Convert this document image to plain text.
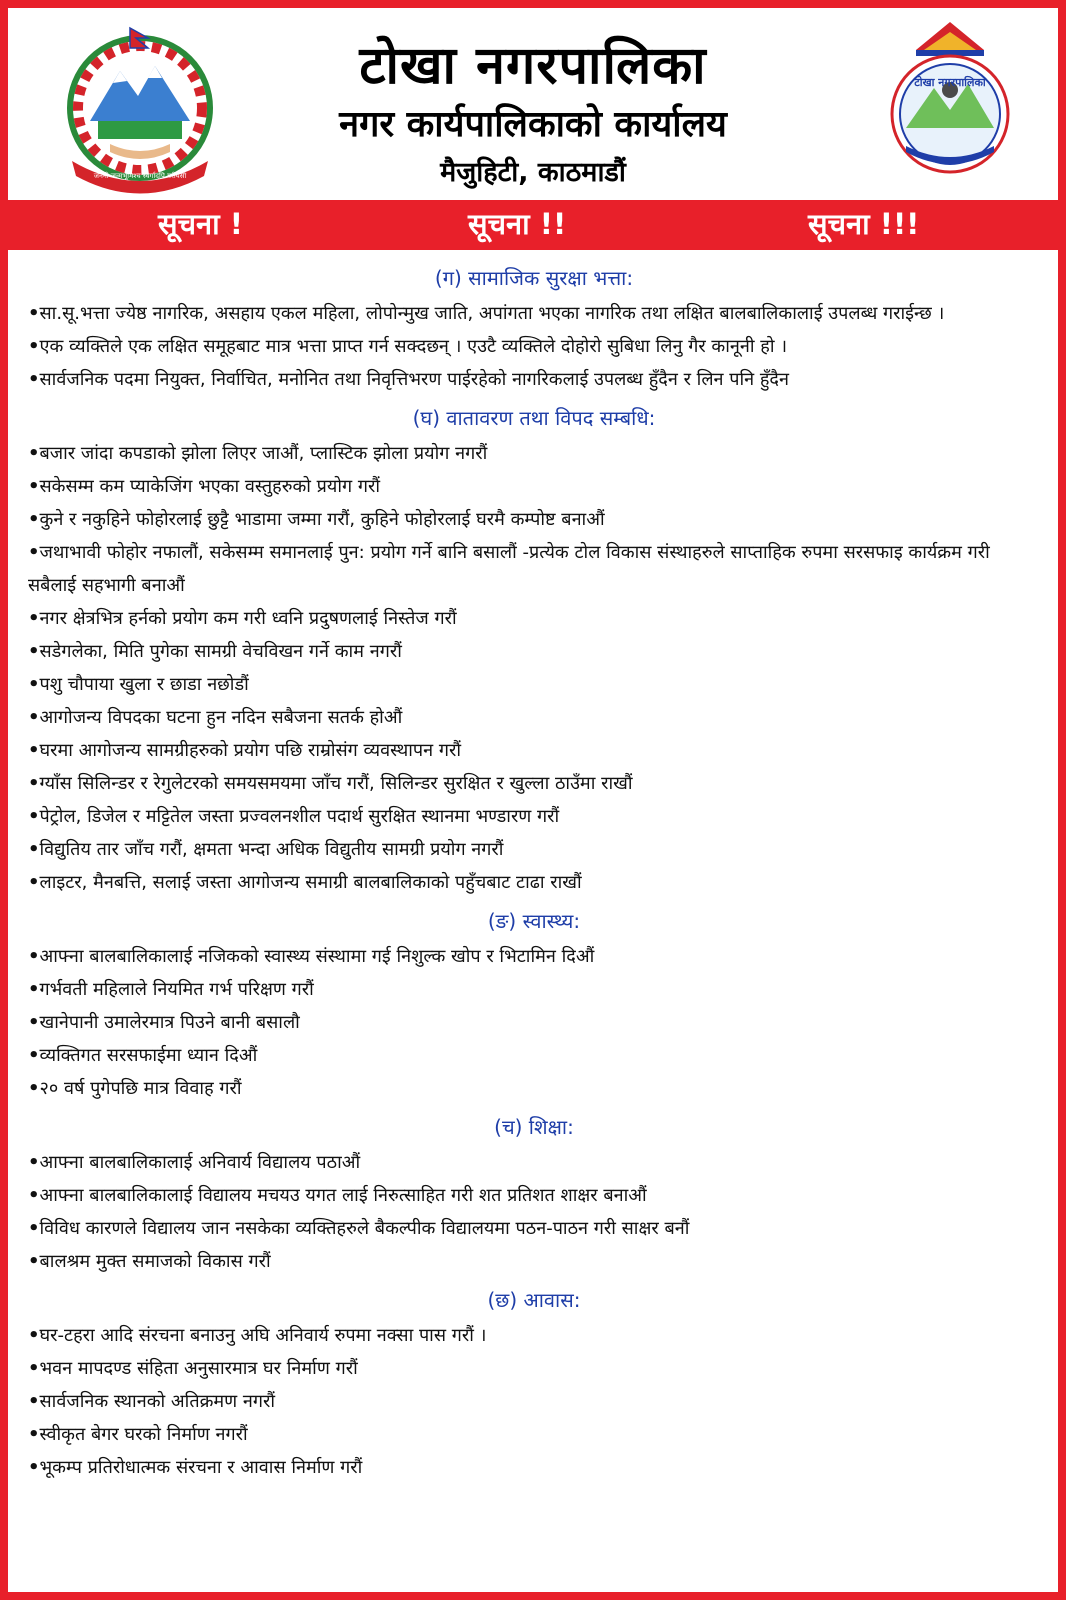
जननी जन्मभूमिश्च स्वर्गादपि गरीयसी
टोखा नगरपालिका
नगर कार्यपालिकाको कार्यालय
मैजुहिटी, काठमाडौं
टोखा नगरपालिका
सूचना !	सूचना !!	सूचना !!!
(ग) सामाजिक सुरक्षा भत्ता:

•सा.सू.भत्ता ज्येष्ठ नागरिक, असहाय एकल महिला, लोपोन्मुख जाति, अपांगता भएका नागरिक तथा लक्षित बालबालिकालाई उपलब्ध गराईन्छ ।

•एक व्यक्तिले एक लक्षित समूहबाट मात्र भत्ता प्राप्त गर्न सक्दछन् । एउटै व्यक्तिले दोहोरो सुबिधा लिनु गैर कानूनी हो ।

•सार्वजनिक पदमा नियुक्त, निर्वाचित, मनोनित तथा निवृत्तिभरण पाईरहेको नागरिकलाई उपलब्ध हुँदैन र लिन पनि हुँदैन

(घ) वातावरण तथा विपद सम्बधि:

•बजार जांदा कपडाको झोला लिएर जाऔं, प्लास्टिक झोला प्रयोग नगरौं

•सकेसम्म कम प्याकेजिंग भएका वस्तुहरुको प्रयोग गरौं

•कुने र नकुहिने फोहोरलाई छुट्टै भाडामा जम्मा गरौं, कुहिने फोहोरलाई घरमै कम्पोष्ट बनाऔं

•जथाभावी फोहोर नफालौं, सकेसम्म समानलाई पुन: प्रयोग गर्ने बानि बसालौं -प्रत्येक टोल विकास संस्थाहरुले साप्ताहिक रुपमा सरसफाइ कार्यक्रम गरी सबैलाई सहभागी बनाऔं

•नगर क्षेत्रभित्र हर्नको प्रयोग कम गरी ध्वनि प्रदुषणलाई निस्तेज गरौं

•सडेगलेका, मिति पुगेका सामग्री वेचविखन गर्ने काम नगरौं

•पशु चौपाया खुला र छाडा नछोडौं

•आगोजन्य विपदका घटना हुन नदिन सबैजना सतर्क होऔं

•घरमा आगोजन्य सामग्रीहरुको प्रयोग पछि राम्रोसंग व्यवस्थापन गरौं

•ग्याँस सिलिन्डर र रेगुलेटरको समयसमयमा जाँच गरौं, सिलिन्डर सुरक्षित र खुल्ला ठाउँमा राखौं

•पेट्रोल, डिजेल र मट्टितेल जस्ता प्रज्वलनशील पदार्थ सुरक्षित स्थानमा भण्डारण गरौं

•विद्युतिय तार जाँच गरौं, क्षमता भन्दा अधिक विद्युतीय सामग्री प्रयोग नगरौं

•लाइटर, मैनबत्ति, सलाई जस्ता आगोजन्य समाग्री बालबालिकाको पहुँचबाट टाढा राखौं

(ङ) स्वास्थ्य:

•आफ्ना बालबालिकालाई नजिकको स्वास्थ्य संस्थामा गई निशुल्क खोप र भिटामिन दिऔं

•गर्भवती महिलाले नियमित गर्भ परिक्षण गरौं

•खानेपानी उमालेरमात्र पिउने बानी बसालौ

•व्यक्तिगत सरसफाईमा ध्यान दिऔं

•२० वर्ष पुगेपछि मात्र विवाह गरौं

(च) शिक्षा:

•आफ्ना बालबालिकालाई अनिवार्य विद्यालय पठाऔं

•आफ्ना बालबालिकालाई विद्यालय मचयउ यगत लाई निरुत्साहित गरी शत प्रतिशत शाक्षर बनाऔं

•विविध कारणले विद्यालय जान नसकेका व्यक्तिहरुले बैकल्पीक विद्यालयमा पठन-पाठन गरी साक्षर बनौं

•बालश्रम मुक्त समाजको विकास गरौं

(छ) आवास:

•घर-टहरा आदि संरचना बनाउनु अघि अनिवार्य रुपमा नक्सा पास गरौं ।

•भवन मापदण्ड संहिता अनुसारमात्र घर निर्माण गरौं

•सार्वजनिक स्थानको अतिक्रमण नगरौं

•स्वीकृत बेगर घरको निर्माण नगरौं

•भूकम्प प्रतिरोधात्मक संरचना र आवास निर्माण गरौं
